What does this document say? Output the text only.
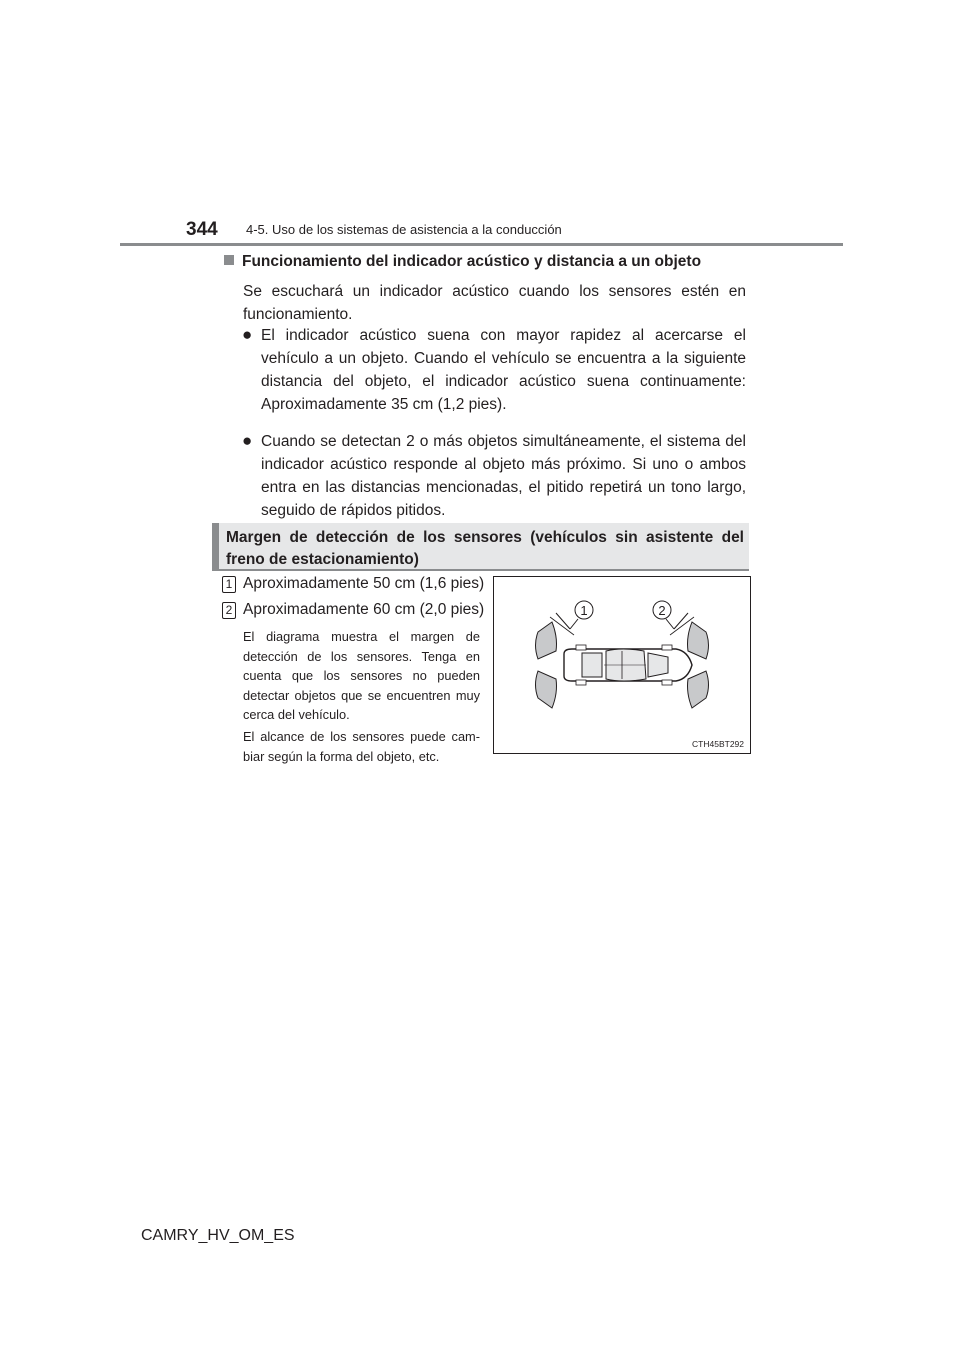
344 4-5. Uso de los sistemas de asistencia a la conducción
Funcionamiento del indicador acústico y distancia a un objeto
Se escuchará un indicador acústico cuando los sensores estén en funcionamiento.
● El indicador acústico suena con mayor rapidez al acercarse el vehículo a un objeto. Cuando el vehículo se encuentra a la siguiente distancia del objeto, el indicador acústico suena continuamente: Aproximadamente 35 cm (1,2 pies).
● Cuando se detectan 2 o más objetos simultáneamente, el sistema del indicador acústico responde al objeto más próximo. Si uno o ambos entra en las distancias mencionadas, el pitido repetirá un tono largo, seguido de rápidos pitidos.
Margen de detección de los sensores (vehículos sin asistente del freno de estacionamiento)
1 Aproximadamente 50 cm (1,6 pies)
2 Aproximadamente 60 cm (2,0 pies)
El diagrama muestra el margen de detección de los sensores. Tenga en cuenta que los sensores no pueden detectar objetos que se encuentren muy cerca del vehículo.
El alcance de los sensores puede cambiar según la forma del objeto, etc.
1	2
CTH45BT292
CAMRY_HV_OM_ES
